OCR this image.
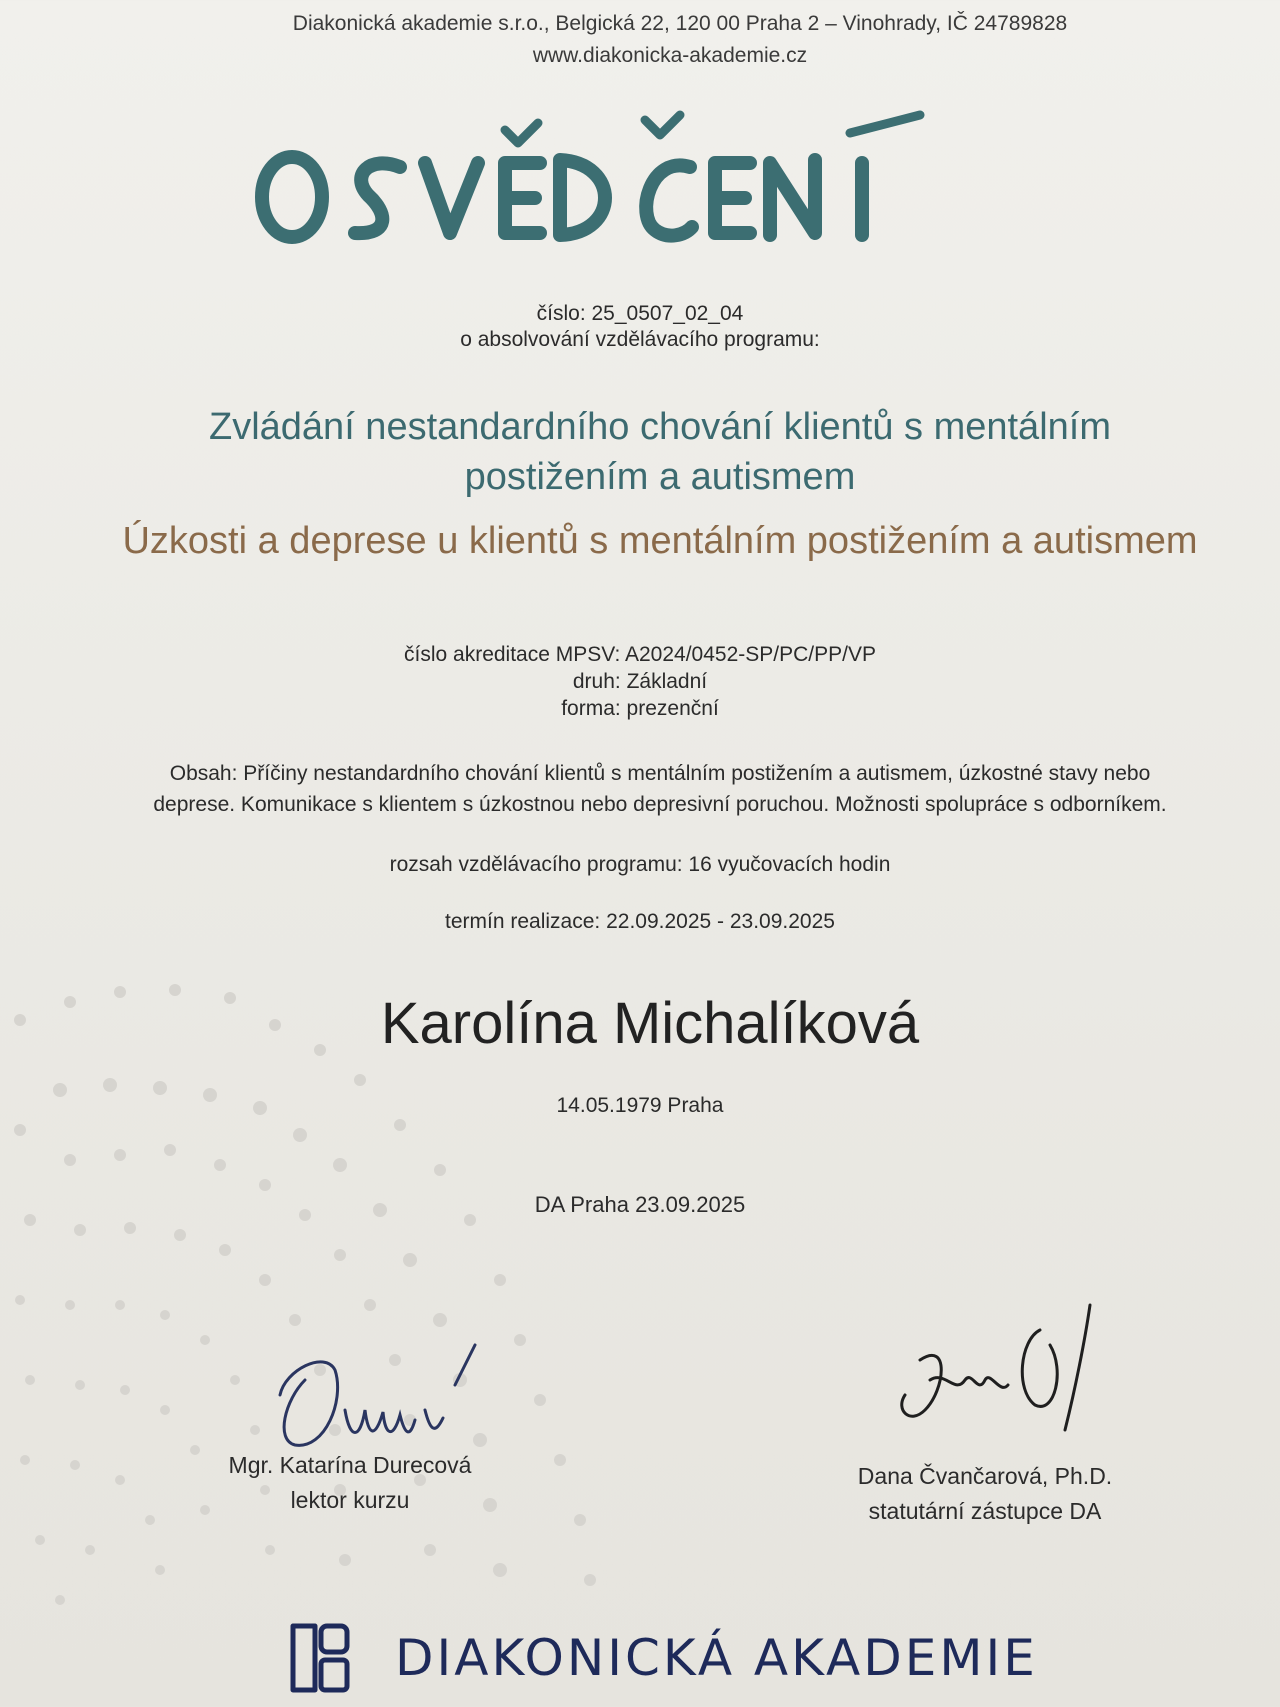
Diakonická akademie s.r.o., Belgická 22, 120 00 Praha 2 – Vinohrady, IČ 24789828
www.diakonicka-akademie.cz
číslo: 25_0507_02_04
o absolvování vzdělávacího programu:
Zvládání nestandardního chování klientů s mentálním postižením a autismem
Úzkosti a deprese u klientů s mentálním postižením a autismem
číslo akreditace MPSV: A2024/0452-SP/PC/PP/VP
druh: Základní
forma: prezenční
Obsah: Příčiny nestandardního chování klientů s mentálním postižením a autismem, úzkostné stavy nebo deprese. Komunikace s klientem s úzkostnou nebo depresivní poruchou. Možnosti spolupráce s odborníkem.
rozsah vzdělávacího programu: 16 vyučovacích hodin
termín realizace: 22.09.2025 - 23.09.2025
Karolína Michalíková
14.05.1979 Praha
DA Praha 23.09.2025
Mgr. Katarína Durecová
lektor kurzu
Dana Čvančarová, Ph.D.
statutární zástupce DA
DIAKONICKÁ AKADEMIE
